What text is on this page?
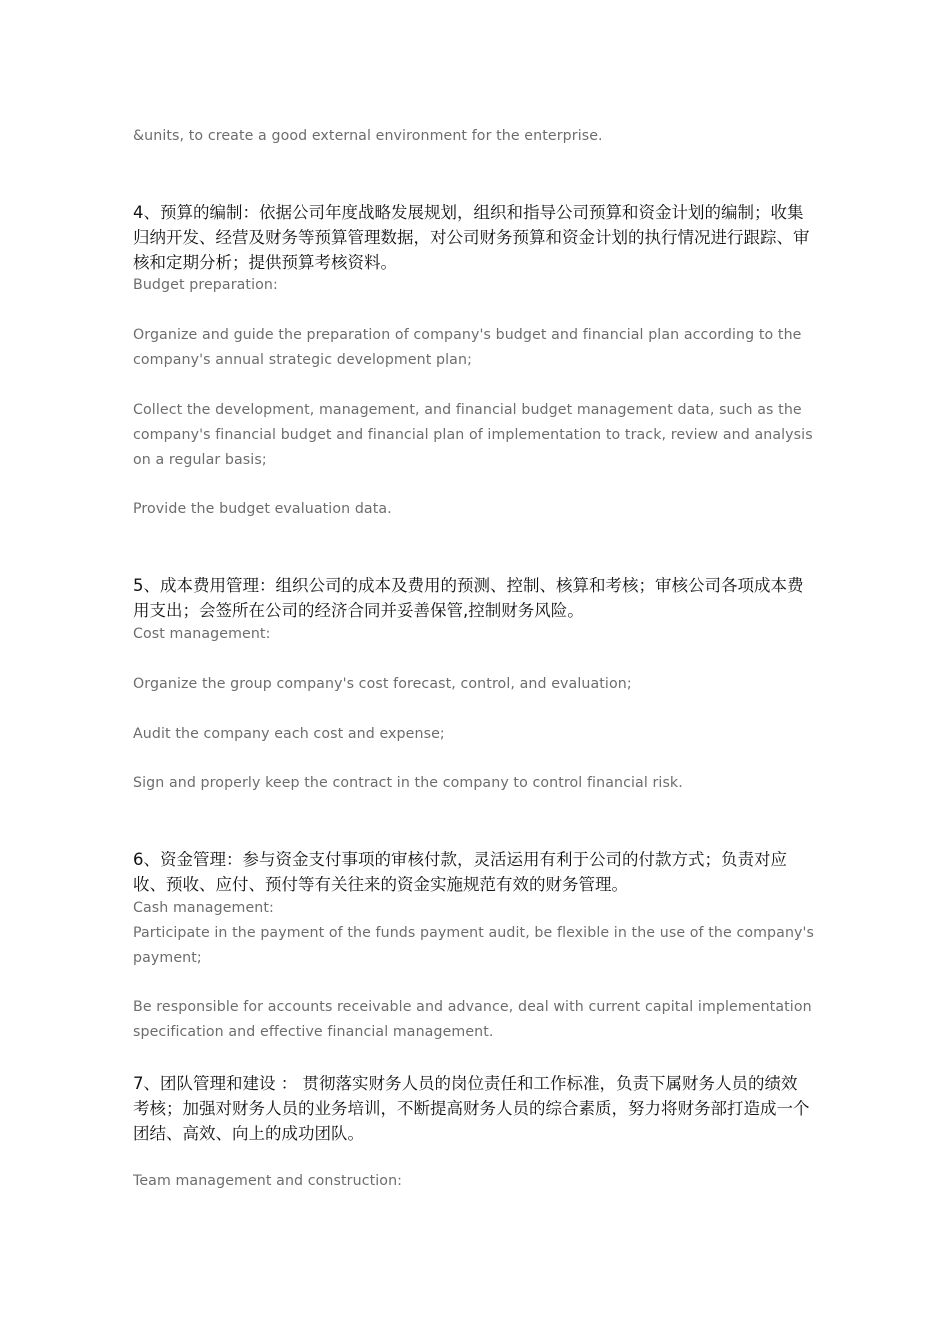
&units, to create a good external environment for the enterprise.

4、预算的编制：依据公司年度战略发展规划，组织和指导公司预算和资金计划的编制；收集归纳开发、经营及财务等预算管理数据，对公司财务预算和资金计划的执行情况进行跟踪、审核和定期分析；提供预算考核资料。

Budget preparation:

Organize and guide the preparation of company's budget and financial plan according to the company's annual strategic development plan;

Collect the development, management, and financial budget management data, such as the company's financial budget and financial plan of implementation to track, review and analysis on a regular basis;

Provide the budget evaluation data.

5、成本费用管理：组织公司的成本及费用的预测、控制、核算和考核；审核公司各项成本费用支出；会签所在公司的经济合同并妥善保管,控制财务风险。

Cost management:

Organize the group company's cost forecast, control, and evaluation;

Audit the company each cost and expense;

Sign and properly keep the contract in the company to control financial risk.

6、资金管理：参与资金支付事项的审核付款，灵活运用有利于公司的付款方式；负责对应收、预收、应付、预付等有关往来的资金实施规范有效的财务管理。

Cash management:

Participate in the payment of the funds payment audit, be flexible in the use of the company's payment;

Be responsible for accounts receivable and advance, deal with current capital implementation specification and effective financial management.

7、团队管理和建设 ： 贯彻落实财务人员的岗位责任和工作标准，负责下属财务人员的绩效考核；加强对财务人员的业务培训，不断提高财务人员的综合素质，努力将财务部打造成一个团结、高效、向上的成功团队。

Team management and construction:
